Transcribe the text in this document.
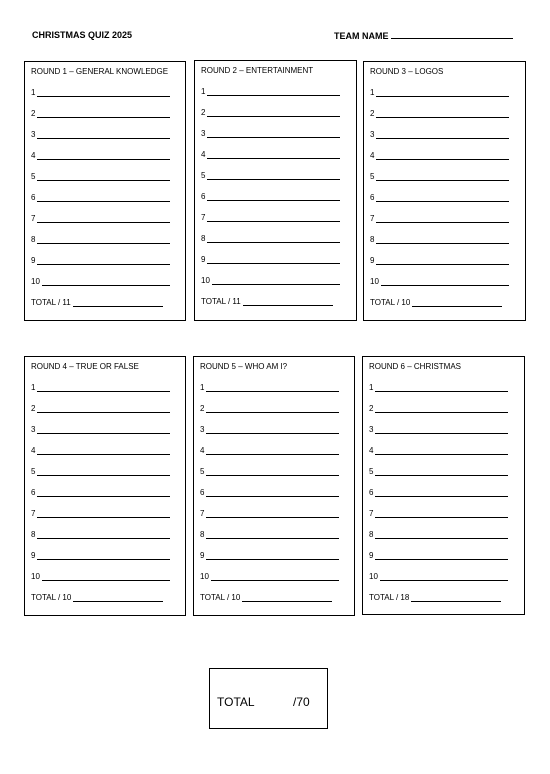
CHRISTMAS QUIZ 2025	TEAM NAME
ROUND 1 – GENERAL KNOWLEDGE
1
2
3
4
5
6
7
8
9
10
TOTAL / 11
ROUND 2 – ENTERTAINMENT
1
2
3
4
5
6
7
8
9
10
TOTAL / 11
ROUND 3 – LOGOS
1
2
3
4
5
6
7
8
9
10
TOTAL / 10
ROUND 4 – TRUE OR FALSE
1
2
3
4
5
6
7
8
9
10
TOTAL / 10
ROUND 5 – WHO AM I?
1
2
3
4
5
6
7
8
9
10
TOTAL / 10
ROUND 6 – CHRISTMAS
1
2
3
4
5
6
7
8
9
10
TOTAL / 18
TOTAL	/70
